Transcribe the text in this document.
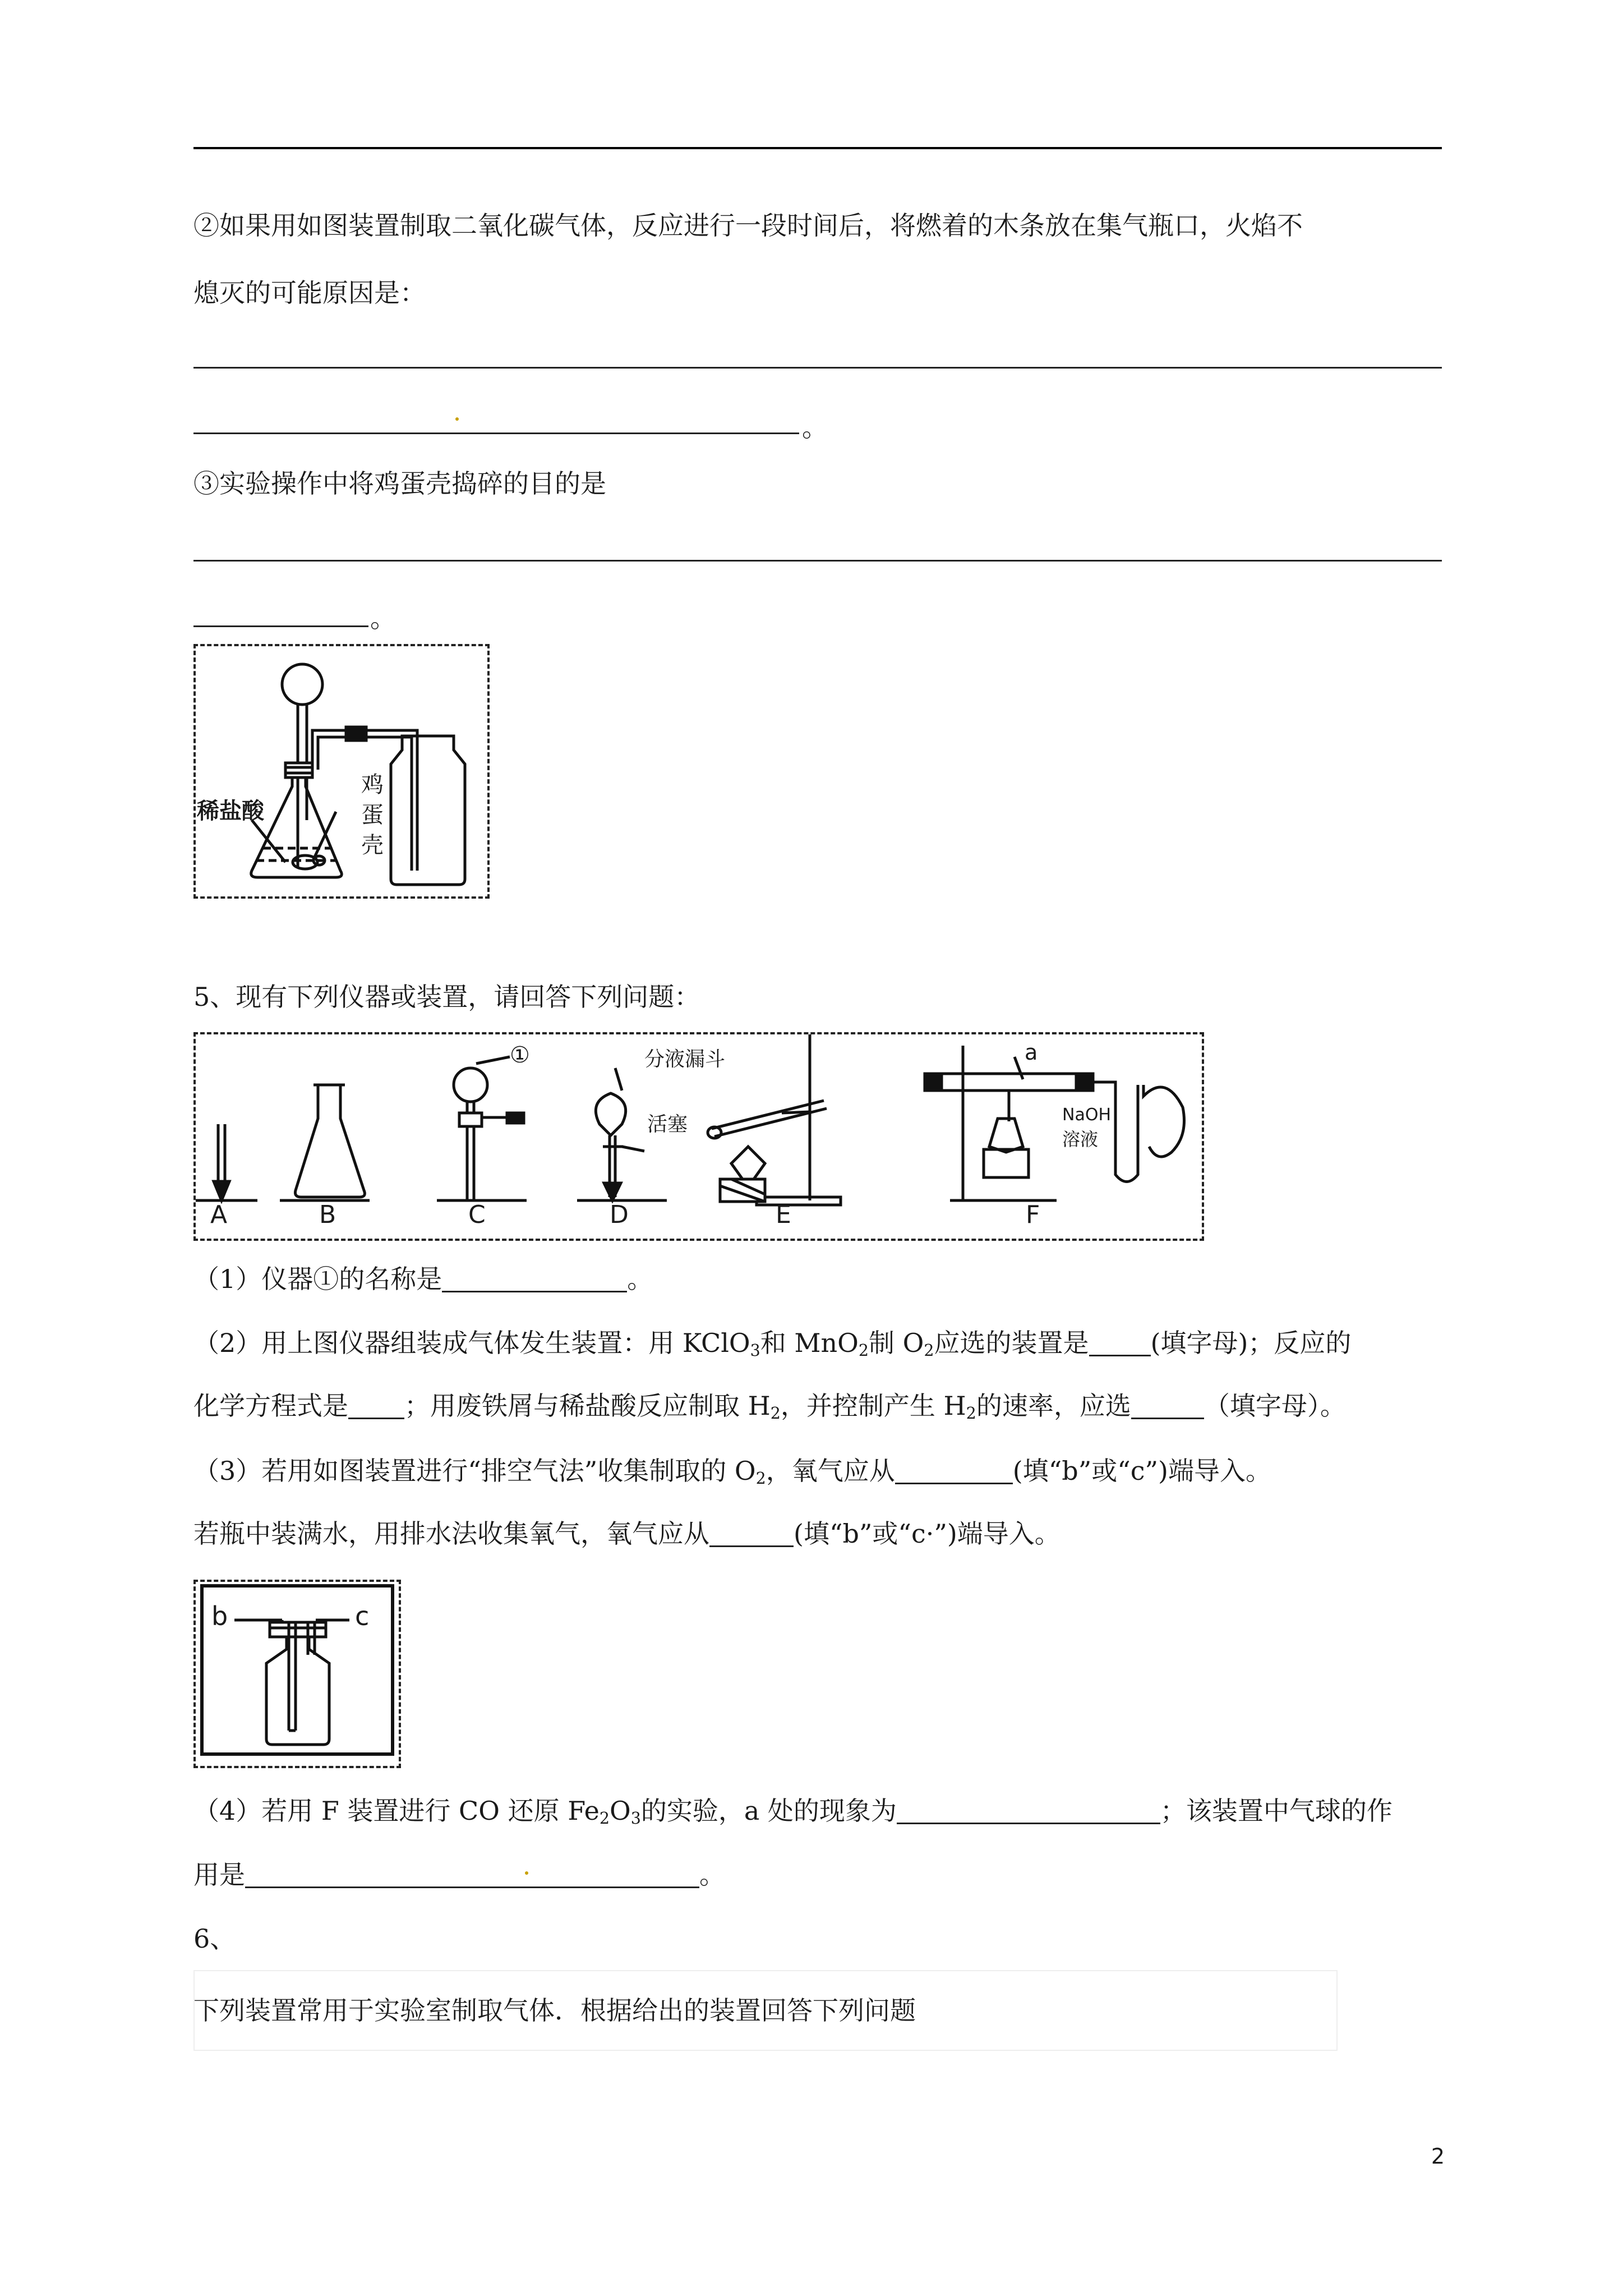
②如果用如图装置制取二氧化碳气体，反应进行一段时间后，将燃着的木条放在集气瓶口，火焰不
熄灭的可能原因是：
。
③实验操作中将鸡蛋壳捣碎的目的是
。
稀盐酸
鸡
蛋
壳
5、现有下列仪器或装置，请回答下列问题：
A	B	C	D	E	F
①	分液漏斗
活塞
a
NaOH
溶液
（1）仪器①的名称是	。
（2）用上图仪器组装成气体发生装置：用 KClO$_3$和 MnO$_2$制 $O_2$应选的装置是 (填字母)；反应的
化学方程式是 ；用废铁屑与稀盐酸反应制取 $H_2$，并控制产生 $H_2$的速率，应选	（填字母）。
（3）若用如图装置进行“排空气法”收集制取的 $O_2$，氧气应从	(填“b”或“c”)端导入。
若瓶中装满水，用排水法收集氧气，氧气应从	(填“b”或“c·”)端导入。
b	c
（4）若用 F 装置进行 CO 还原 $Fe_2O_3$的实验，a 处的现象为	；该装置中气球的作
用是	。
6、
下列装置常用于实验室制取气体．根据给出的装置回答下列问题
2
